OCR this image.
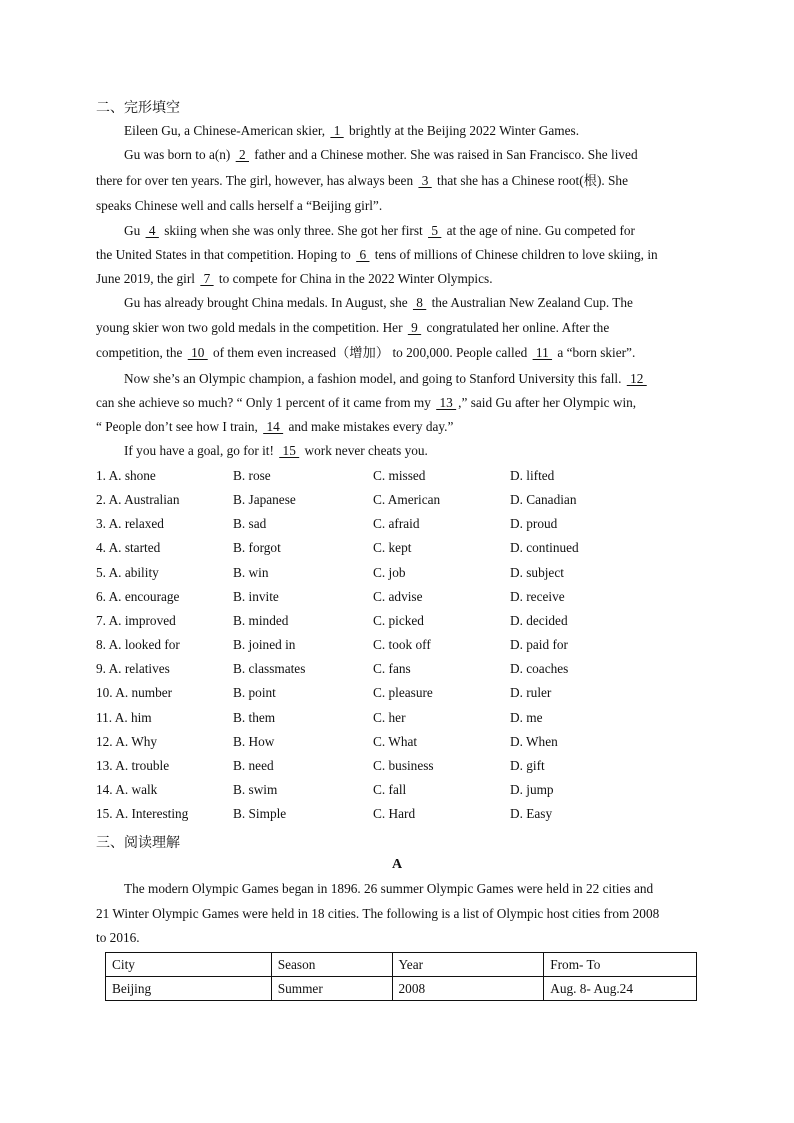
二、完形填空
Eileen Gu, a Chinese-American skier,  1  brightly at the Beijing 2022 Winter Games.
Gu was born to a(n)  2  father and a Chinese mother. She was raised in San Francisco. She lived
there for over ten years. The girl, however, has always been  3  that she has a Chinese root(根). She
speaks Chinese well and calls herself a “Beijing girl”.
Gu  4  skiing when she was only three. She got her first  5  at the age of nine. Gu competed for
the United States in that competition. Hoping to  6  tens of millions of Chinese children to love skiing, in
June 2019, the girl  7  to compete for China in the 2022 Winter Olympics.
Gu has already brought China medals. In August, she  8  the Australian New Zealand Cup. The
young skier won two gold medals in the competition. Her  9  congratulated her online. After the
competition, the  10  of them even increased（增加） to 200,000. People called  11  a “born skier”.
Now she’s an Olympic champion, a fashion model, and going to Stanford University this fall.  12
can she achieve so much? “ Only 1 percent of it came from my  13 ,” said Gu after her Olympic win,
“ People don’t see how I train,  14  and make mistakes every day.”
If you have a goal, go for it!  15  work never cheats you.
1. A. shone	B. rose	C. missed	D. lifted
2. A. Australian	B. Japanese	C. American	D. Canadian
3. A. relaxed	B. sad	C. afraid	D. proud
4. A. started	B. forgot	C. kept	D. continued
5. A. ability	B. win	C. job	D. subject
6. A. encourage	B. invite	C. advise	D. receive
7. A. improved	B. minded	C. picked	D. decided
8. A. looked for	B. joined in	C. took off	D. paid for
9. A. relatives	B. classmates	C. fans	D. coaches
10. A. number	B. point	C. pleasure	D. ruler
11. A. him	B. them	C. her	D. me
12. A. Why	B. How	C. What	D. When
13. A. trouble	B. need	C. business	D. gift
14. A. walk	B. swim	C. fall	D. jump
15. A. Interesting	B. Simple	C. Hard	D. Easy
三、阅读理解
A
The modern Olympic Games began in 1896. 26 summer Olympic Games were held in 22 cities and
21 Winter Olympic Games were held in 18 cities. The following is a list of Olympic host cities from 2008
to 2016.
City	Season	Year	From- To
Beijing	Summer	2008	Aug. 8- Aug.24
